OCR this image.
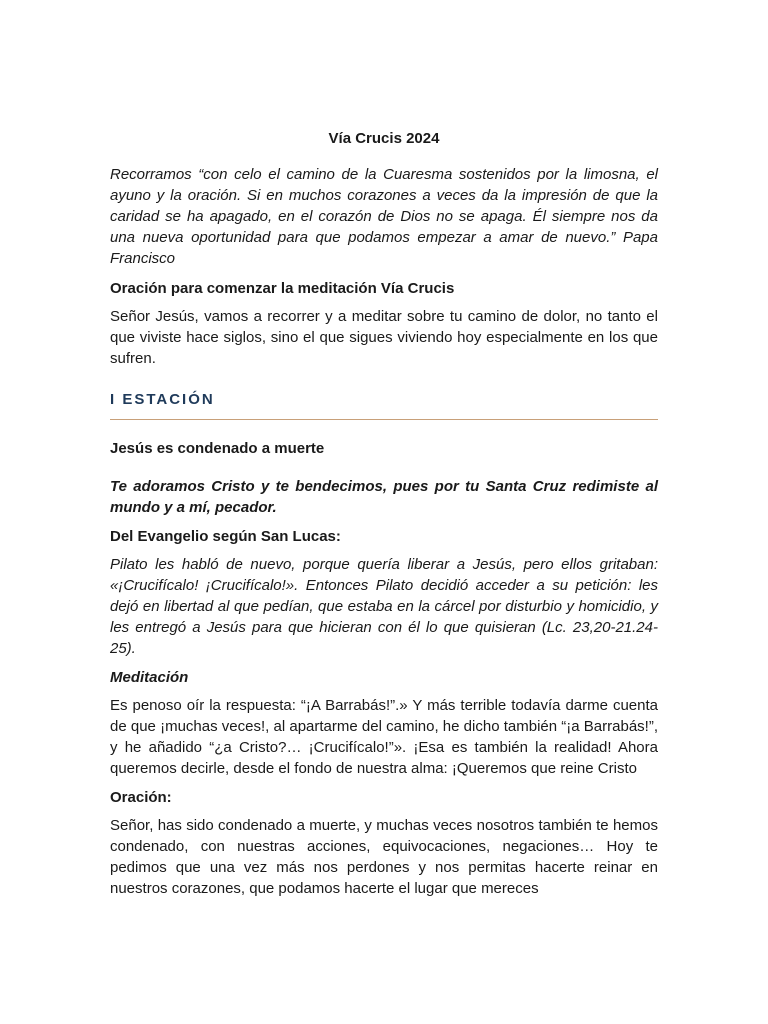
Vía Crucis 2024

Recorramos “con celo el camino de la Cuaresma sostenidos por la limosna, el ayuno y la oración. Si en muchos corazones a veces da la impresión de que la caridad se ha apagado, en el corazón de Dios no se apaga. Él siempre nos da una nueva oportunidad para que podamos empezar a amar de nuevo.” Papa Francisco

Oración para comenzar la meditación Vía Crucis

Señor Jesús, vamos a recorrer y a meditar sobre tu camino de dolor, no tanto el que viviste hace siglos, sino el que sigues viviendo hoy especialmente en los que sufren.

I ESTACIÓN

Jesús es condenado a muerte

Te adoramos Cristo y te bendecimos, pues por tu Santa Cruz redimiste al mundo y a mí, pecador.

Del Evangelio según San Lucas:

Pilato les habló de nuevo, porque quería liberar a Jesús, pero ellos gritaban: «¡Crucifícalo! ¡Crucifícalo!». Entonces Pilato decidió acceder a su petición: les dejó en libertad al que pedían, que estaba en la cárcel por disturbio y homicidio, y les entregó a Jesús para que hicieran con él lo que quisieran (Lc. 23,20-21.24-25).

Meditación

Es penoso oír la respuesta: “¡A Barrabás!”.» Y más terrible todavía darme cuenta de que ¡muchas veces!, al apartarme del camino, he dicho también “¡a Barrabás!”, y he añadido “¿a Cristo?… ¡Crucifícalo!”». ¡Esa es también la realidad! Ahora queremos decirle, desde el fondo de nuestra alma: ¡Queremos que reine Cristo

Oración:

Señor, has sido condenado a muerte, y muchas veces nosotros también te hemos condenado, con nuestras acciones, equivocaciones, negaciones… Hoy te pedimos que una vez más nos perdones y nos permitas hacerte reinar en nuestros corazones, que podamos hacerte el lugar que mereces
